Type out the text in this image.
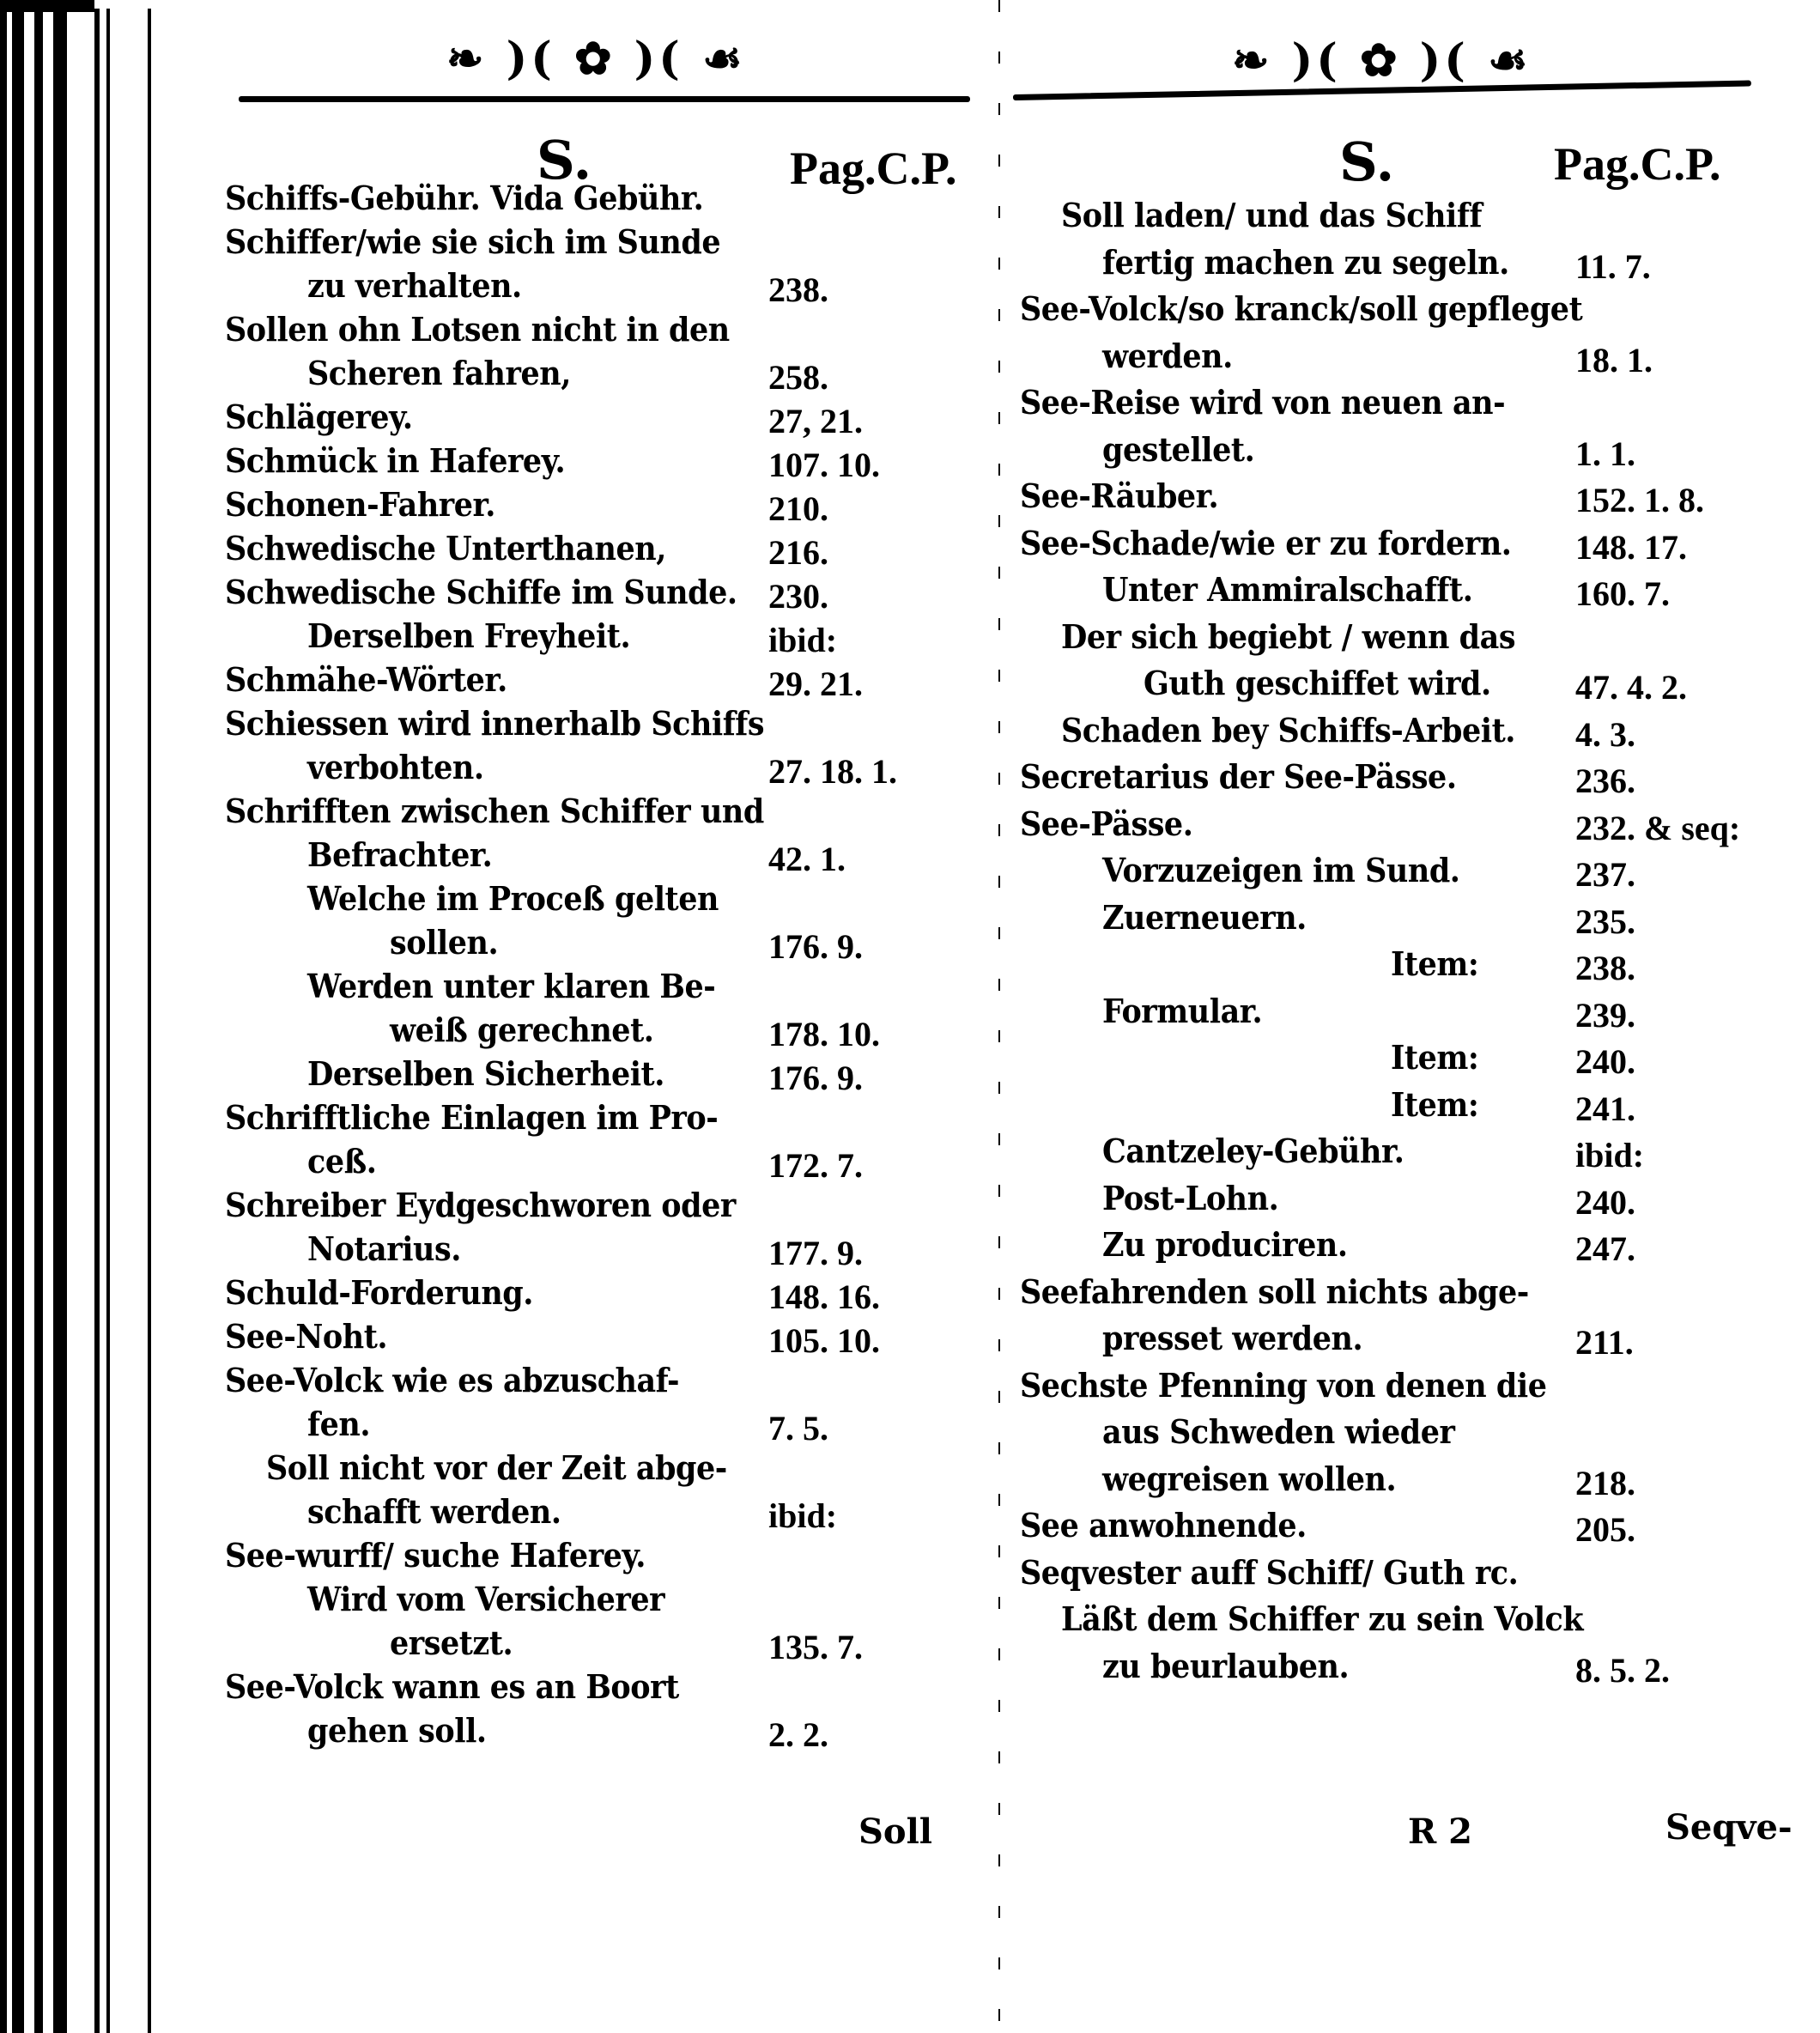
❧ )( ✿ )( ☙
S.	Pag.C.P.
Schiffs-Gebühr. Vida Gebühr.
Schiffer/wie sie sich im Sunde
zu verhalten.	238.
Sollen ohn Lotsen nicht in den
Scheren fahren,	258.
Schlägerey.	27, 21.
Schmück in Haferey.	107. 10.
Schonen-Fahrer.	210.
Schwedische Unterthanen,	216.
Schwedische Schiffe im Sunde. 230.
Derselben Freyheit.	ibid:
Schmähe-Wörter.	29. 21.
Schiessen wird innerhalb Schiffs
verbohten.	27. 18. 1.
Schrifften zwischen Schiffer und
Befrachter.	42. 1.
Welche im Proceß gelten
sollen.	176. 9.
Werden unter klaren Be-
weiß gerechnet.	178. 10.
Derselben Sicherheit.	176. 9.
Schrifftliche Einlagen im Pro-
ceß.	172. 7.
Schreiber Eydgeschworen oder
Notarius.	177. 9.
Schuld-Forderung.	148. 16.
See-Noht.	105. 10.
See-Volck wie es abzuschaf-
fen.	7. 5.
Soll nicht vor der Zeit abge-
schafft werden.	ibid:
See-wurff/ suche Haferey.
Wird vom Versicherer
ersetzt.	135. 7.
See-Volck wann es an Boort
gehen soll.	2. 2.
Soll
❧ )( ✿ )( ☙
S.	Pag.C.P.
Soll laden/ und das Schiff
fertig machen zu segeln. 11. 7.
See-Volck/so kranck/soll gepfleget
werden.	18. 1.
See-Reise wird von neuen an-
gestellet.	1. 1.
See-Räuber.	152. 1. 8.
See-Schade/wie er zu fordern. 148. 17.
Unter Ammiralschafft.	160. 7.
Der sich begiebt / wenn das
Guth geschiffet wird. 47. 4. 2.
Schaden bey Schiffs-Arbeit. 4. 3.
Secretarius der See-Pässe.	236.
See-Pässe.	232. & seq:
Vorzuzeigen im Sund.	237.
Zuerneuern.	235.
Item:	238.
Formular.	239.
Item:	240.
Item:	241.
Cantzeley-Gebühr.	ibid:
Post-Lohn.	240.
Zu produciren.	247.
Seefahrenden soll nichts abge-
presset werden.	211.
Sechste Pfenning von denen die
aus Schweden wieder
wegreisen wollen.	218.
See anwohnende.	205.
Seqvester auff Schiff/ Guth rc.
Läßt dem Schiffer zu sein Volck
zu beurlauben.	8. 5. 2.
R 2	Seqve-
